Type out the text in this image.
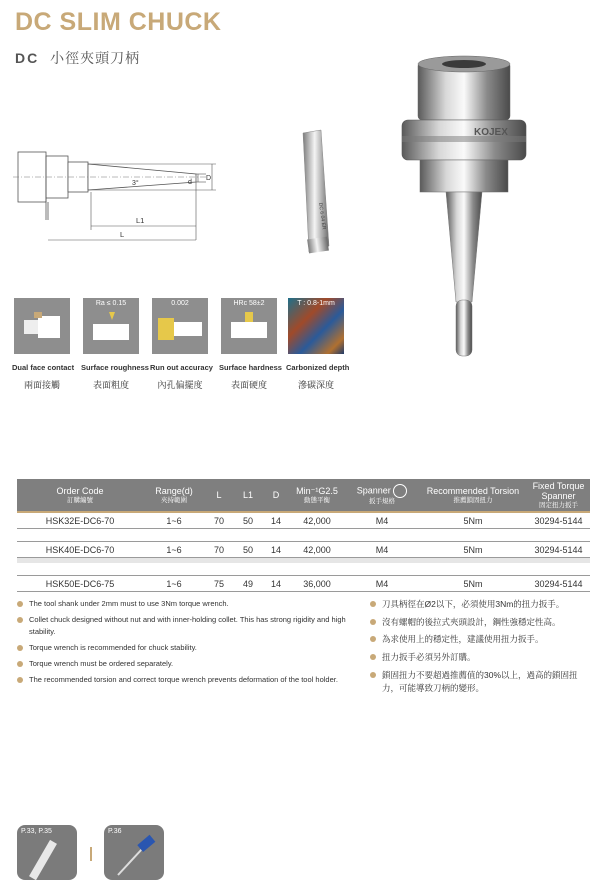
DC SLIM CHUCK
DC 小徑夾頭刀柄
3°	d
D
L1
L
DC 6-04 ER
KOJEX
Dual face contact
兩面接觸
Ra ≤ 0.15
Surface roughness
表面粗度
0.002
Run out accuracy
內孔偏擺度
HRc 58±2
Surface hardness
表面硬度
T : 0.8-1mm
Carbonized depth
滲碳深度
Order Code
訂購編號	Range(d)
夾持範圍	L	L1	D	Min⁻¹G2.5
動態平衡	Spanner
扳手規格	Recommended Torsion
推薦鎖固扭力	Fixed Torque Spanner
固定扭力扳手

HSK32E-DC6-70	1~6	70	50	14	42,000	M4	5Nm	30294-5144

HSK40E-DC6-70	1~6	70	50	14	42,000	M4	5Nm	30294-5144

HSK50E-DC6-75	1~6	75	49	14	36,000	M4	5Nm	30294-5144
The tool shank under 2mm must to use 3Nm torque wrench.
Collet chuck designed without nut and with inner-holding collet. This has strong rigidity and high stability.
Torque wrench is recommended for chuck stability.
Torque wrench must be ordered separately.
The recommended torsion and correct torque wrench prevents deformation of the tool holder.
刀具柄徑在Ø2以下，必須使用3Nm的扭力扳手。
沒有螺帽的後拉式夾頭設計，鋼性強穩定性高。
為求使用上的穩定性，建議使用扭力扳手。
扭力扳手必須另外訂購。
鎖固扭力不要超過推薦值的30%以上，過高的鎖固扭力，可能導致刀柄的變形。
P.33, P.35	P.36
